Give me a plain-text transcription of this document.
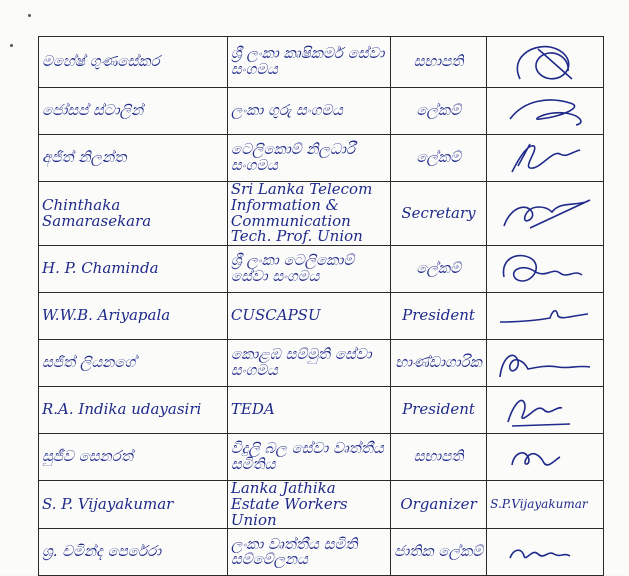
මහේෂ් ගුණසේකර	ශ්‍රී ලංකා කෘෂිකර්ම සේවා සංගමය	සභාපති	

ජෝසප් ස්ටාලින්	ලංකා ගුරු සංගමය	ලේකම්	

අජිත් නිලන්ත	ටෙලිකොම් නිලධාරී සංගමය	ලේකම්	

Chinthaka Samarasekara	Sri Lanka Telecom Information & Communication Tech. Prof. Union	Secretary	

H. P. Chaminda	ශ්‍රී ලංකා ටෙලිකොම් සේවා සංගමය	ලේකම්	

W.W.B. Ariyapala	CUSCAPSU	President	

සජිත් ලියනගේ	කොළඹ සම්මුති සේවා සංගමය	භාණ්ඩාගාරික	

R.A. Indika udayasiri	TEDA	President	

සුජීව සෙනරත්	විදුලි බල සේවා වෘත්තීය සමිතිය	සභාපති	

S. P. Vijayakumar	Lanka Jathika Estate Workers Union	Organizer	S.P.Vijayakumar
ශ්‍ර. චමින්ද පෙරේරා	ලංකා වෘත්තීය සමිති සම්මේලනය	ජාතික ලේකම්	
